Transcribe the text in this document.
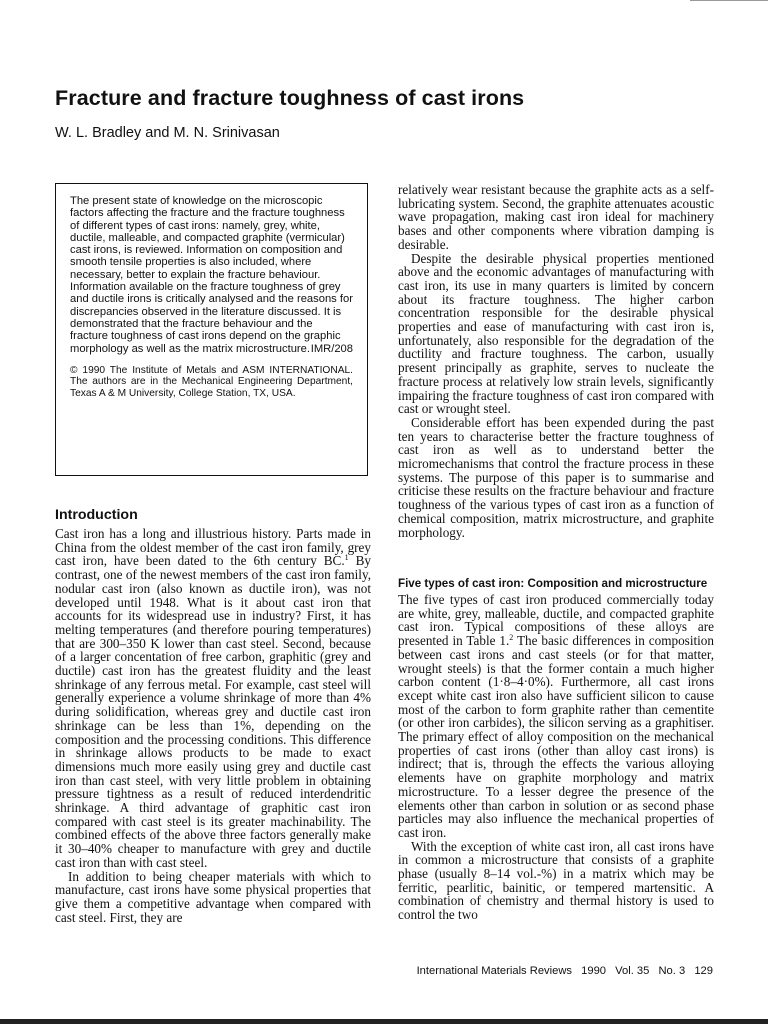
Fracture and fracture toughness of cast irons

W. L. Bradley and M. N. Srinivasan

The present state of knowledge on the microscopic factors affecting the fracture and the fracture toughness of different types of cast irons: namely, grey, white, ductile, malleable, and compacted graphite (vermicular) cast irons, is reviewed. Information on composition and smooth tensile properties is also included, where necessary, better to explain the fracture behaviour. Information available on the fracture toughness of grey and ductile irons is critically analysed and the reasons for discrepancies observed in the literature discussed. It is demonstrated that the fracture behaviour and the fracture toughness of cast irons depend on the graphic morphology as well as the matrix microstructure. IMR/208

© 1990 The Institute of Metals and ASM INTERNATIONAL. The authors are in the Mechanical Engineering Department, Texas A & M University, College Station, TX, USA.

Introduction

Cast iron has a long and illustrious history. Parts made in China from the oldest member of the cast iron family, grey cast iron, have been dated to the 6th century BC.$^1$ By contrast, one of the newest members of the cast iron family, nodular cast iron (also known as ductile iron), was not developed until 1948. What is it about cast iron that accounts for its widespread use in industry? First, it has melting temperatures (and therefore pouring temperatures) that are 300–350 K lower than cast steel. Second, because of a larger concentation of free carbon, graphitic (grey and ductile) cast iron has the greatest fluidity and the least shrinkage of any ferrous metal. For example, cast steel will generally experience a volume shrinkage of more than 4% during solidification, whereas grey and ductile cast iron shrinkage can be less than 1%, depending on the composition and the processing conditions. This difference in shrinkage allows products to be made to exact dimensions much more easily using grey and ductile cast iron than cast steel, with very little problem in obtaining pressure tightness as a result of reduced interdendritic shrinkage. A third advantage of graphitic cast iron compared with cast steel is its greater machinability. The combined effects of the above three factors generally make it 30–40% cheaper to manufacture with grey and ductile cast iron than with cast steel.

In addition to being cheaper materials with which to manufacture, cast irons have some physical properties that give them a competitive advantage when compared with cast steel. First, they are

relatively wear resistant because the graphite acts as a self-lubricating system. Second, the graphite attenuates acoustic wave propagation, making cast iron ideal for machinery bases and other components where vibration damping is desirable.

Despite the desirable physical properties mentioned above and the economic advantages of manufacturing with cast iron, its use in many quarters is limited by concern about its fracture toughness. The higher carbon concentration responsible for the desirable physical properties and ease of manufacturing with cast iron is, unfortunately, also responsible for the degradation of the ductility and fracture toughness. The carbon, usually present principally as graphite, serves to nucleate the fracture process at relatively low strain levels, significantly impairing the fracture toughness of cast iron compared with cast or wrought steel.

Considerable effort has been expended during the past ten years to characterise better the fracture toughness of cast iron as well as to understand better the micromechanisms that control the fracture process in these systems. The purpose of this paper is to summarise and criticise these results on the fracture behaviour and fracture toughness of the various types of cast iron as a function of chemical composition, matrix microstructure, and graphite morphology.

Five types of cast iron: Composition and microstructure

The five types of cast iron produced commercially today are white, grey, malleable, ductile, and compacted graphite cast iron. Typical compositions of these alloys are presented in Table 1.$^2$ The basic differences in composition between cast irons and cast steels (or for that matter, wrought steels) is that the former contain a much higher carbon content (1·8–4·0%). Furthermore, all cast irons except white cast iron also have sufficient silicon to cause most of the carbon to form graphite rather than cementite (or other iron carbides), the silicon serving as a graphitiser. The primary effect of alloy composition on the mechanical properties of cast irons (other than alloy cast irons) is indirect; that is, through the effects the various alloying elements have on graphite morphology and matrix microstructure. To a lesser degree the presence of the elements other than carbon in solution or as second phase particles may also influence the mechanical properties of cast iron.

With the exception of white cast iron, all cast irons have in common a microstructure that consists of a graphite phase (usually 8–14 vol.-%) in a matrix which may be ferritic, pearlitic, bainitic, or tempered martensitic. A combination of chemistry and thermal history is used to control the two

International Materials Reviews 1990 Vol. 35 No. 3 129
